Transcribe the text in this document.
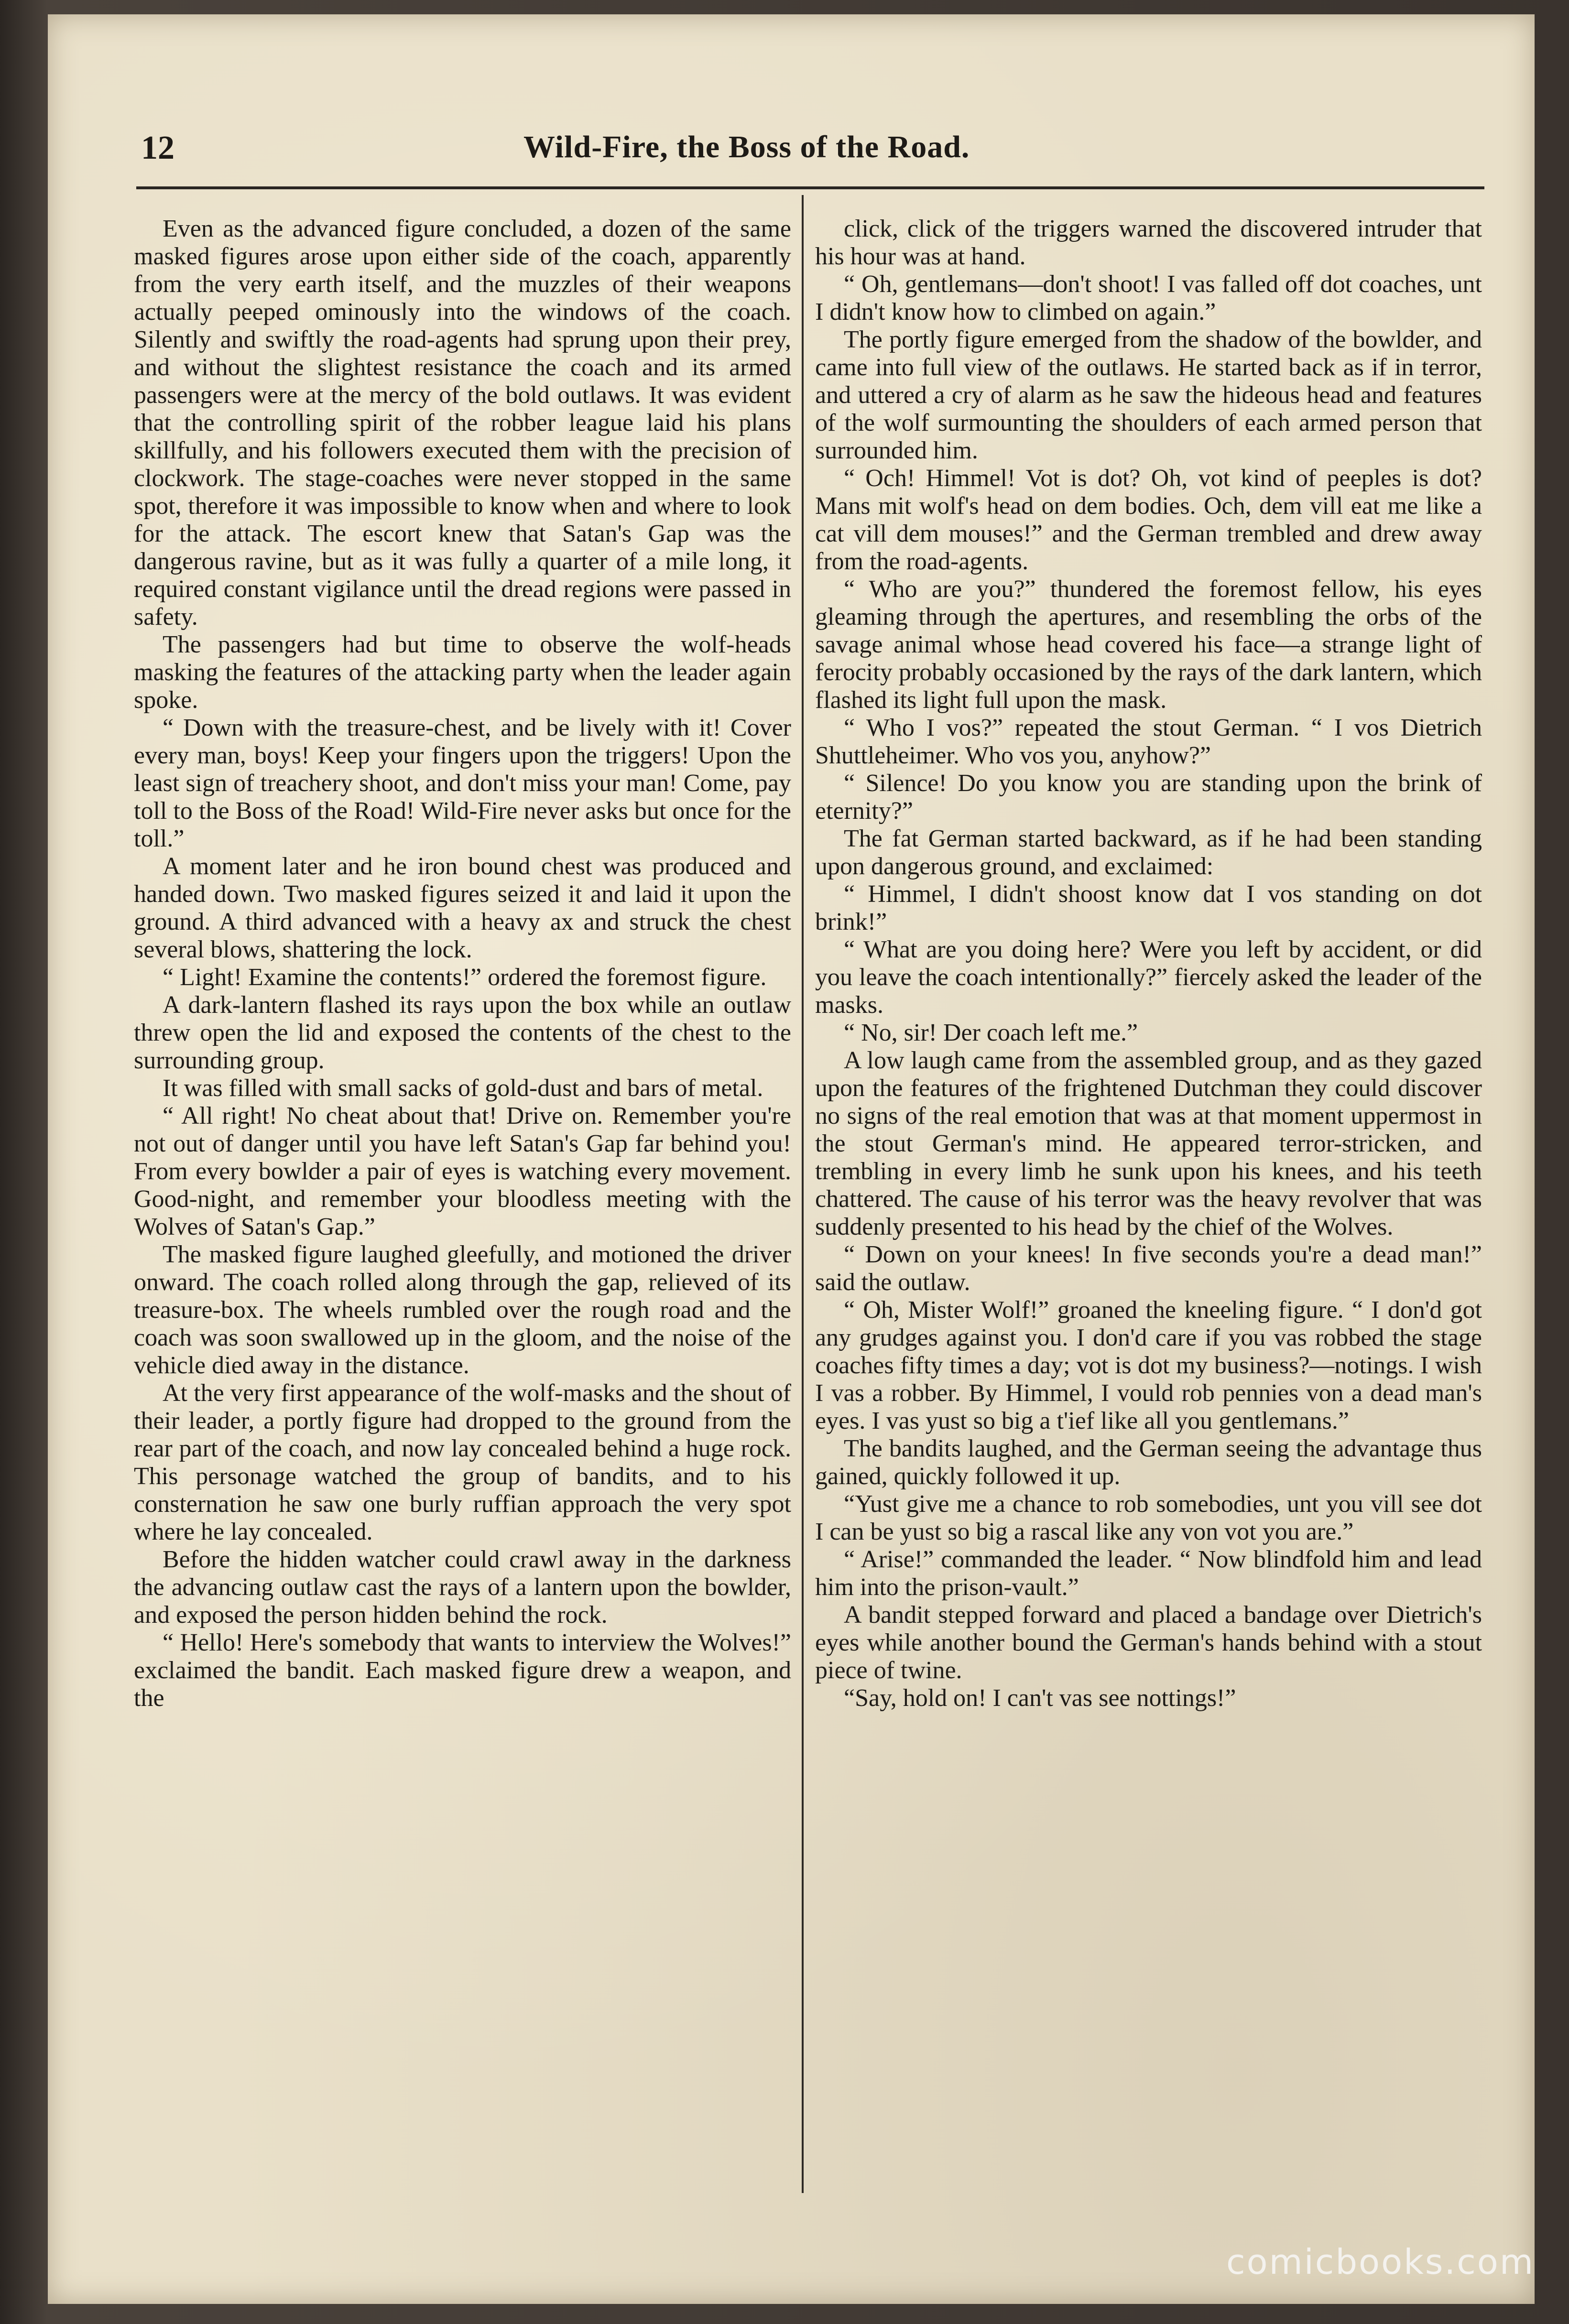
12	Wild-Fire, the Boss of the Road.

Even as the advanced figure concluded, a dozen of the same masked figures arose upon either side of the coach, apparently from the very earth itself, and the muzzles of their weapons actually peeped ominously into the windows of the coach. Silently and swiftly the road-agents had sprung upon their prey, and without the slightest resistance the coach and its armed passengers were at the mercy of the bold outlaws. It was evident that the controlling spirit of the robber league laid his plans skillfully, and his followers executed them with the precision of clockwork. The stage-coaches were never stopped in the same spot, therefore it was impossible to know when and where to look for the attack. The escort knew that Satan's Gap was the dangerous ravine, but as it was fully a quarter of a mile long, it required constant vigilance until the dread regions were passed in safety.

The passengers had but time to observe the wolf-heads masking the features of the attacking party when the leader again spoke.

“ Down with the treasure-chest, and be lively with it! Cover every man, boys! Keep your fingers upon the triggers! Upon the least sign of treachery shoot, and don't miss your man! Come, pay toll to the Boss of the Road! Wild-Fire never asks but once for the toll.”

A moment later and he iron bound chest was produced and handed down. Two masked figures seized it and laid it upon the ground. A third advanced with a heavy ax and struck the chest several blows, shattering the lock.

“ Light! Examine the contents!” ordered the foremost figure.

A dark-lantern flashed its rays upon the box while an outlaw threw open the lid and exposed the contents of the chest to the surrounding group.

It was filled with small sacks of gold-dust and bars of metal.

“ All right! No cheat about that! Drive on. Remember you're not out of danger until you have left Satan's Gap far behind you! From every bowlder a pair of eyes is watching every movement. Good-night, and remember your bloodless meeting with the Wolves of Satan's Gap.”

The masked figure laughed gleefully, and motioned the driver onward. The coach rolled along through the gap, relieved of its treasure-box. The wheels rumbled over the rough road and the coach was soon swallowed up in the gloom, and the noise of the vehicle died away in the distance.

At the very first appearance of the wolf-masks and the shout of their leader, a portly figure had dropped to the ground from the rear part of the coach, and now lay concealed behind a huge rock. This personage watched the group of bandits, and to his consternation he saw one burly ruffian approach the very spot where he lay concealed.

Before the hidden watcher could crawl away in the darkness the advancing outlaw cast the rays of a lantern upon the bowlder, and exposed the person hidden behind the rock.

“ Hello! Here's somebody that wants to interview the Wolves!” exclaimed the bandit. Each masked figure drew a weapon, and the

click, click of the triggers warned the discovered intruder that his hour was at hand.

“ Oh, gentlemans—don't shoot! I vas falled off dot coaches, unt I didn't know how to climbed on again.”

The portly figure emerged from the shadow of the bowlder, and came into full view of the outlaws. He started back as if in terror, and uttered a cry of alarm as he saw the hideous head and features of the wolf surmounting the shoulders of each armed person that surrounded him.

“ Och! Himmel! Vot is dot? Oh, vot kind of peeples is dot? Mans mit wolf's head on dem bodies. Och, dem vill eat me like a cat vill dem mouses!” and the German trembled and drew away from the road-agents.

“ Who are you?” thundered the foremost fellow, his eyes gleaming through the apertures, and resembling the orbs of the savage animal whose head covered his face—a strange light of ferocity probably occasioned by the rays of the dark lantern, which flashed its light full upon the mask.

“ Who I vos?” repeated the stout German. “ I vos Dietrich Shuttleheimer. Who vos you, anyhow?”

“ Silence! Do you know you are standing upon the brink of eternity?”

The fat German started backward, as if he had been standing upon dangerous ground, and exclaimed:

“ Himmel, I didn't shoost know dat I vos standing on dot brink!”

“ What are you doing here? Were you left by accident, or did you leave the coach intentionally?” fiercely asked the leader of the masks.

“ No, sir! Der coach left me.”

A low laugh came from the assembled group, and as they gazed upon the features of the frightened Dutchman they could discover no signs of the real emotion that was at that moment uppermost in the stout German's mind. He appeared terror-stricken, and trembling in every limb he sunk upon his knees, and his teeth chattered. The cause of his terror was the heavy revolver that was suddenly presented to his head by the chief of the Wolves.

“ Down on your knees! In five seconds you're a dead man!” said the outlaw.

“ Oh, Mister Wolf!” groaned the kneeling figure. “ I don'd got any grudges against you. I don'd care if you vas robbed the stage coaches fifty times a day; vot is dot my business?—notings. I wish I vas a robber. By Himmel, I vould rob pennies von a dead man's eyes. I vas yust so big a t'ief like all you gentlemans.”

The bandits laughed, and the German seeing the advantage thus gained, quickly followed it up.

“Yust give me a chance to rob somebodies, unt you vill see dot I can be yust so big a rascal like any von vot you are.”

“ Arise!” commanded the leader. “ Now blindfold him and lead him into the prison-vault.”

A bandit stepped forward and placed a bandage over Dietrich's eyes while another bound the German's hands behind with a stout piece of twine.

“Say, hold on! I can't vas see nottings!”

comicbooks.com
